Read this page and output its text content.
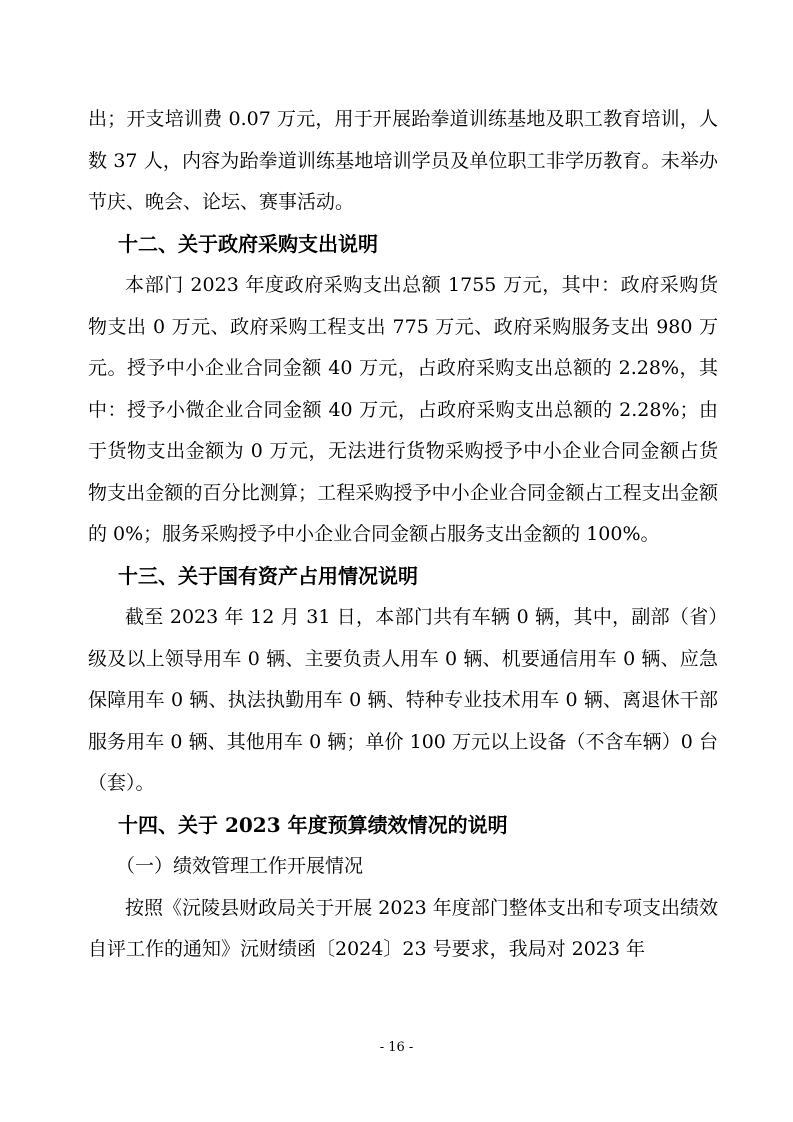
出；开支培训费 0.07 万元，用于开展跆拳道训练基地及职工教育培训，人数 37 人，内容为跆拳道训练基地培训学员及单位职工非学历教育。未举办节庆、晚会、论坛、赛事活动。

十二、关于政府采购支出说明

本部门 2023 年度政府采购支出总额 1755 万元，其中：政府采购货物支出 0 万元、政府采购工程支出 775 万元、政府采购服务支出 980 万元。授予中小企业合同金额 40 万元，占政府采购支出总额的 2.28%，其中：授予小微企业合同金额 40 万元，占政府采购支出总额的 2.28%；由于货物支出金额为 0 万元，无法进行货物采购授予中小企业合同金额占货物支出金额的百分比测算；工程采购授予中小企业合同金额占工程支出金额的 0%；服务采购授予中小企业合同金额占服务支出金额的 100%。

十三、关于国有资产占用情况说明

截至 2023 年 12 月 31 日，本部门共有车辆 0 辆，其中，副部（省）级及以上领导用车 0 辆、主要负责人用车 0 辆、机要通信用车 0 辆、应急保障用车 0 辆、执法执勤用车 0 辆、特种专业技术用车 0 辆、离退休干部服务用车 0 辆、其他用车 0 辆；单价 100 万元以上设备（不含车辆）0 台（套）。

十四、关于 2023 年度预算绩效情况的说明

（一）绩效管理工作开展情况

按照《沅陵县财政局关于开展 2023 年度部门整体支出和专项支出绩效自评工作的通知》沅财绩函〔2024〕23 号要求，我局对 2023 年

- 16 -
